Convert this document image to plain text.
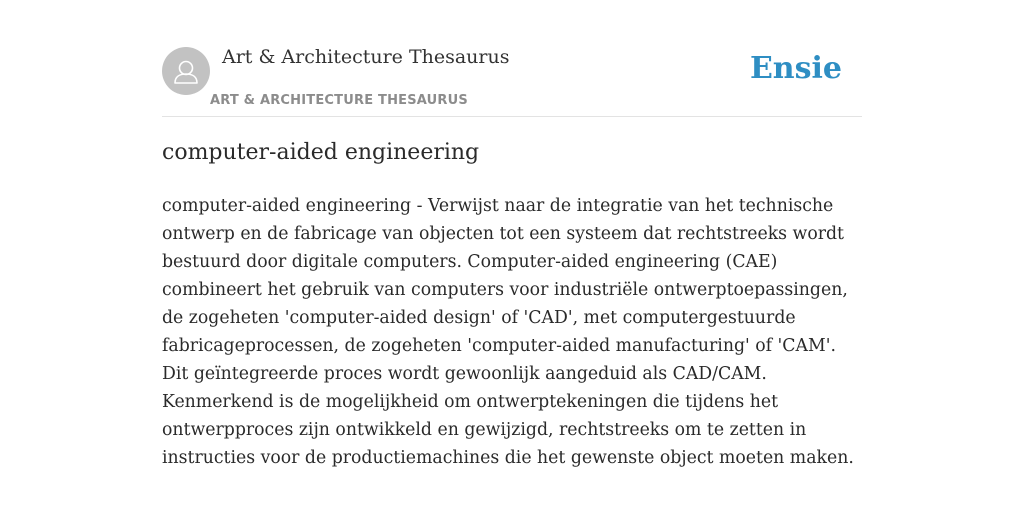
Art & Architecture Thesaurus
ART & ARCHITECTURE THESAURUS
Ensie
computer-aided engineering

computer-aided engineering - Verwijst naar de integratie van het technische ontwerp en de fabricage van objecten tot een systeem dat rechtstreeks wordt bestuurd door digitale computers. Computer-aided engineering (CAE) combineert het gebruik van computers voor industriële ontwerptoepassingen, de zogeheten 'computer-aided design' of 'CAD', met computergestuurde fabricageprocessen, de zogeheten 'computer-aided manufacturing' of 'CAM'. Dit geïntegreerde proces wordt gewoonlijk aangeduid als CAD/CAM. Kenmerkend is de mogelijkheid om ontwerptekeningen die tijdens het ontwerpproces zijn ontwikkeld en gewijzigd, rechtstreeks om te zetten in instructies voor de productiemachines die het gewenste object moeten maken.
